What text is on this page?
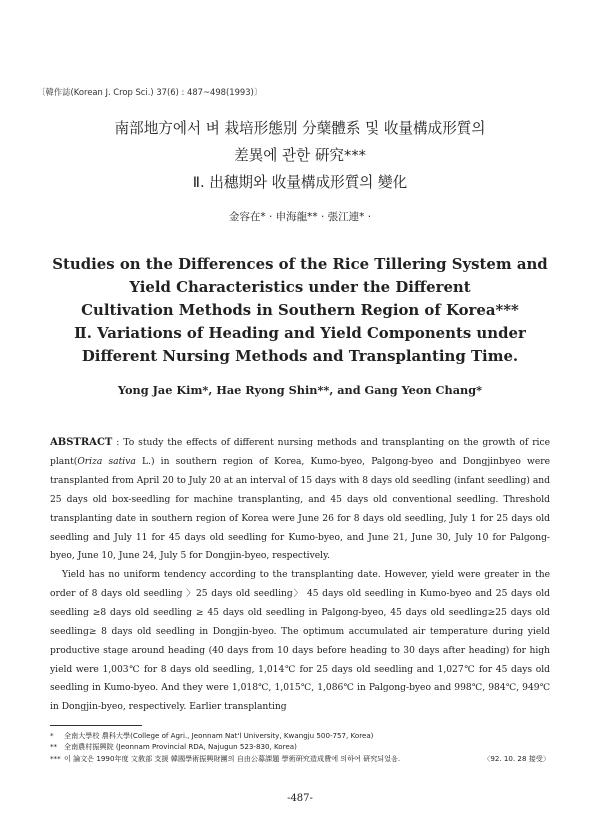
〔韓作誌(Korean J. Crop Sci.) 37(6) : 487~498(1993)〕
南部地方에서 벼 栽培形態別 分蘖體系 및 收量構成形質의
差異에 관한 硏究***
Ⅱ. 出穗期와 收量構成形質의 變化
金容在* · 申海龍** · 張江連* ·
Studies on the Differences of the Rice Tillering System and
Yield Characteristics under the Different
Cultivation Methods in Southern Region of Korea***
Ⅱ. Variations of Heading and Yield Components under
Different Nursing Methods and Transplanting Time.
Yong Jae Kim*, Hae Ryong Shin**, and Gang Yeon Chang*
ABSTRACT : To study the effects of different nursing methods and transplanting on the growth of rice plant(Oriza sativa L.) in southern region of Korea, Kumo-byeo, Palgong-byeo and Dongjinbyeo were transplanted from April 20 to July 20 at an interval of 15 days with 8 days old seedling (infant seedling) and 25 days old box-seedling for machine transplanting, and 45 days old conventional seedling. Threshold transplanting date in southern region of Korea were June 26 for 8 days old seedling, July 1 for 25 days old seedling and July 11 for 45 days old seedling for Kumo-byeo, and June 21, June 30, July 10 for Palgong-byeo, June 10, June 24, July 5 for Dongjin-byeo, respectively.
Yield has no uniform tendency according to the transplanting date. However, yield were greater in the order of 8 days old seedling 〉25 days old seedling〉 45 days old seedling in Kumo-byeo and 25 days old seedling ≥8 days old seedling ≥ 45 days old seedling in Palgong-byeo, 45 days old seedling≥25 days old seedling≥ 8 days old seedling in Dongjin-byeo. The optimum accumulated air temperature during yield productive stage around heading (40 days from 10 days before heading to 30 days after heading) for high yield were 1,003℃ for 8 days old seedling, 1,014℃ for 25 days old seedling and 1,027℃ for 45 days old seedling in Kumo-byeo. And they were 1,018℃, 1,015℃, 1,086℃ in Palgong-byeo and 998℃, 984℃, 949℃ in Dongjin-byeo, respectively. Earlier transplanting
* 全南大學校 農科大學(College of Agri., Jeonnam Nat'l University, Kwangju 500-757, Korea)
** 全南農村振興院 (Jeonnam Provincial RDA, Najugun 523-830, Korea)
*** 이 論文은 1990年度 文敎部 支援 韓國學術振興財團의 自由公募課題 學術硏究造成費에 의하여 硏究되었음.	〈92. 10. 28 接受〉
-487-
